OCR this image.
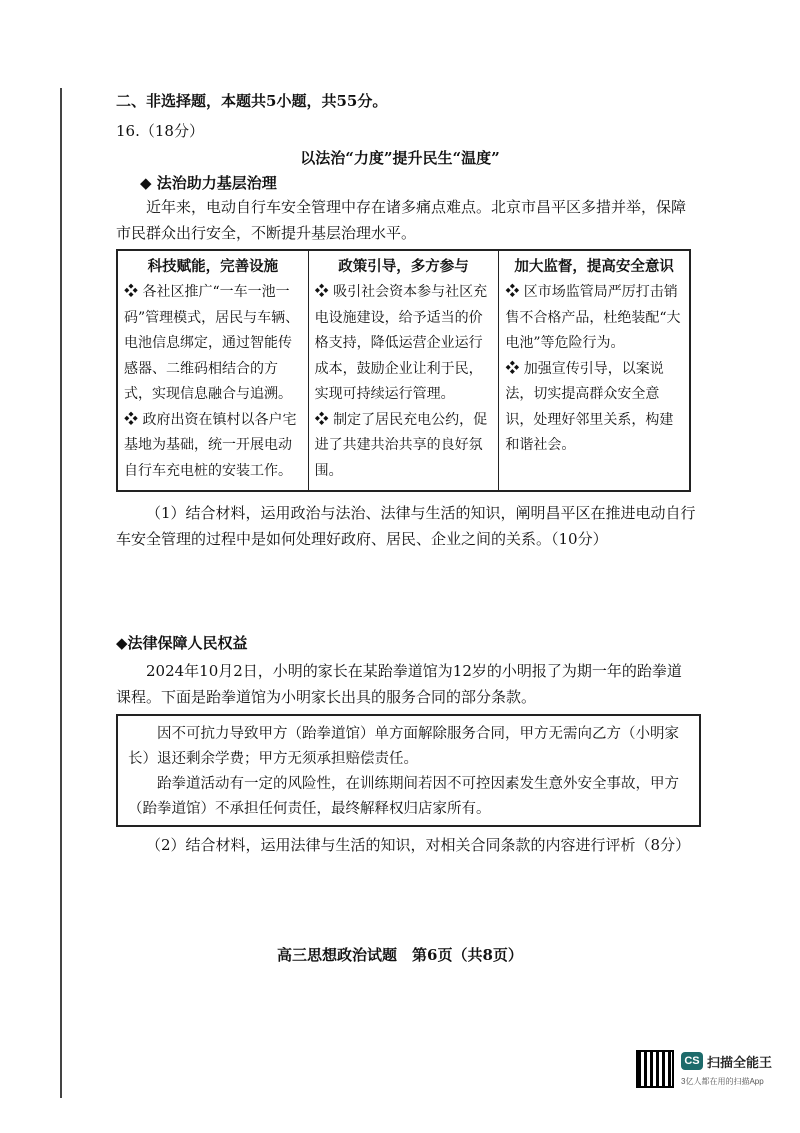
二、非选择题，本题共5小题，共55分。
16.（18分）
以法治“力度”提升民生“温度”
◆ 法治助力基层治理
近年来，电动自行车安全管理中存在诸多痛点难点。北京市昌平区多措并举，保障市民群众出行安全，不断提升基层治理水平。
科技赋能，完善设施
❖ 各社区推广“一车一池一码”管理模式，居民与车辆、电池信息绑定，通过智能传感器、二维码相结合的方式，实现信息融合与追溯。
❖ 政府出资在镇村以各户宅基地为基础，统一开展电动自行车充电桩的安装工作。
政策引导，多方参与
❖ 吸引社会资本参与社区充电设施建设，给予适当的价格支持，降低运营企业运行成本，鼓励企业让利于民，实现可持续运行管理。
❖ 制定了居民充电公约，促进了共建共治共享的良好氛围。
加大监督，提高安全意识
❖ 区市场监管局严厉打击销售不合格产品，杜绝装配“大电池”等危险行为。
❖ 加强宣传引导，以案说法，切实提高群众安全意识，处理好邻里关系，构建和谐社会。
（1）结合材料，运用政治与法治、法律与生活的知识，阐明昌平区在推进电动自行车安全管理的过程中是如何处理好政府、居民、企业之间的关系。（10分）
◆法律保障人民权益
2024年10月2日，小明的家长在某跆拳道馆为12岁的小明报了为期一年的跆拳道课程。下面是跆拳道馆为小明家长出具的服务合同的部分条款。

因不可抗力导致甲方（跆拳道馆）单方面解除服务合同，甲方无需向乙方（小明家长）退还剩余学费；甲方无须承担赔偿责任。

跆拳道活动有一定的风险性，在训练期间若因不可控因素发生意外安全事故，甲方（跆拳道馆）不承担任何责任，最终解释权归店家所有。

（2）结合材料，运用法律与生活的知识，对相关合同条款的内容进行评析（8分）
高三思想政治试题　第6页（共8页）
CS 扫描全能王
3亿人都在用的扫描App
